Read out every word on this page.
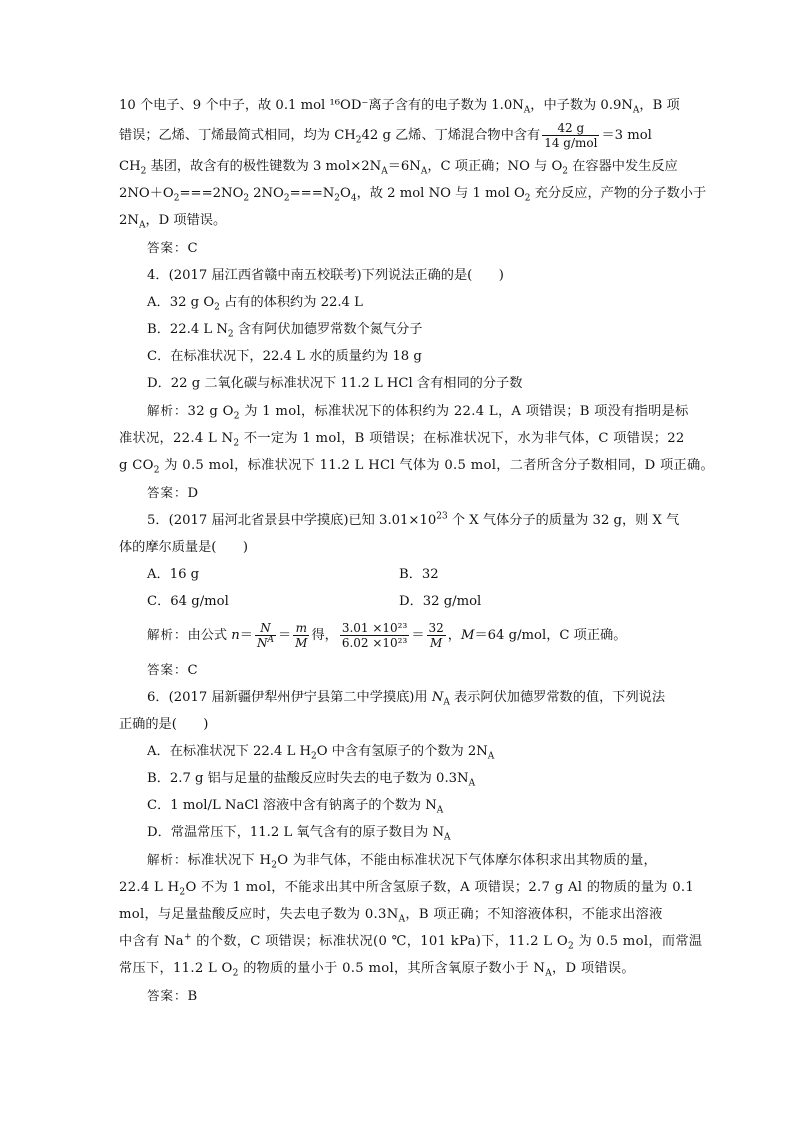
10 个电子、9 个中子，故 0.1 mol ¹⁶OD⁻离子含有的电子数为 $1.0N_A$，中子数为 $0.9N_A$，B 项
错误；乙烯、丁烯最简式相同，均为 $CH_242$ g 乙烯、丁烯混合物中含有 $\frac{42 g}{\text{14 g/mol}} =3$ mol
$CH_2$ 基团，故含有的极性键数为 3 $mol\times 2N_A=6N_A$，C 项正确；NO 与 $O_2$ 在容器中发生反应
$2NO+O_2===2NO_2$ $2NO_2===N_2O_4$，故 2 mol NO 与 1 mol $O_2$ 充分反应，产物的分子数小于
$2N_A$，D 项错误。
答案：C
4．(2017 届江西省赣中南五校联考)下列说法正确的是(　　)
A．32 g $O_2$ 占有的体积约为 22.4 L
B．22.4 L $N_2$ 含有阿伏加德罗常数个氮气分子
C．在标准状况下，22.4 L 水的质量约为 18 g
D．22 g 二氧化碳与标准状况下 11.2 L HCl 含有相同的分子数
解析：32 g $O_2$ 为 1 mol，标准状况下的体积约为 22.4 L，A 项错误；B 项没有指明是标
准状况，22.4 L $N_2$ 不一定为 1 mol，B 项错误；在标准状况下，水为非气体，C 项错误；22
g $CO_2$ 为 0.5 mol，标准状况下 11.2 L HCl 气体为 0.5 mol，二者所含分子数相同，D 项正确。
答案：D
5．(2017 届河北省景县中学摸底)已知 $3.01\times 10^{23}$ 个 X 气体分子的质量为 32 g，则 X 气
体的摩尔质量是(　　)
A．16 g	B．32
C．64 g/mol	D．32 g/mol
解析：由公式 $n= \frac{N}{N^A} = \frac{m}{M}$ 得， $\frac{\text{3.01 ×10²³}}{\text{6.02 ×10²³}} = \frac{32}{M}$ ，M＝64 g/mol，C 项正确。
答案：C
6．(2017 届新疆伊犁州伊宁县第二中学摸底)用 $N_A$ 表示阿伏加德罗常数的值，下列说法
正确的是(　　)
A．在标准状况下 22.4 L $H_2O$ 中含有氢原子的个数为 $2N_A$
B．2.7 g 铝与足量的盐酸反应时失去的电子数为 $0.3N_A$
C．1 mol/L NaCl 溶液中含有钠离子的个数为 $N_A$
D．常温常压下，11.2 L 氧气含有的原子数目为 $N_A$
解析：标准状况下 $H_2O$ 为非气体，不能由标准状况下气体摩尔体积求出其物质的量，
22.4 L $H_2O$ 不为 1 mol，不能求出其中所含氢原子数，A 项错误；2.7 g Al 的物质的量为 0.1
mol，与足量盐酸反应时，失去电子数为 $0.3N_A$，B 项正确；不知溶液体积，不能求出溶液
中含有 Na+ 的个数，C 项错误；标准状况(0 ℃，101 kPa)下，11.2 L $O_2$ 为 0.5 mol，而常温
常压下，11.2 L $O_2$ 的物质的量小于 0.5 mol，其所含氧原子数小于 $N_A$，D 项错误。
答案：B
